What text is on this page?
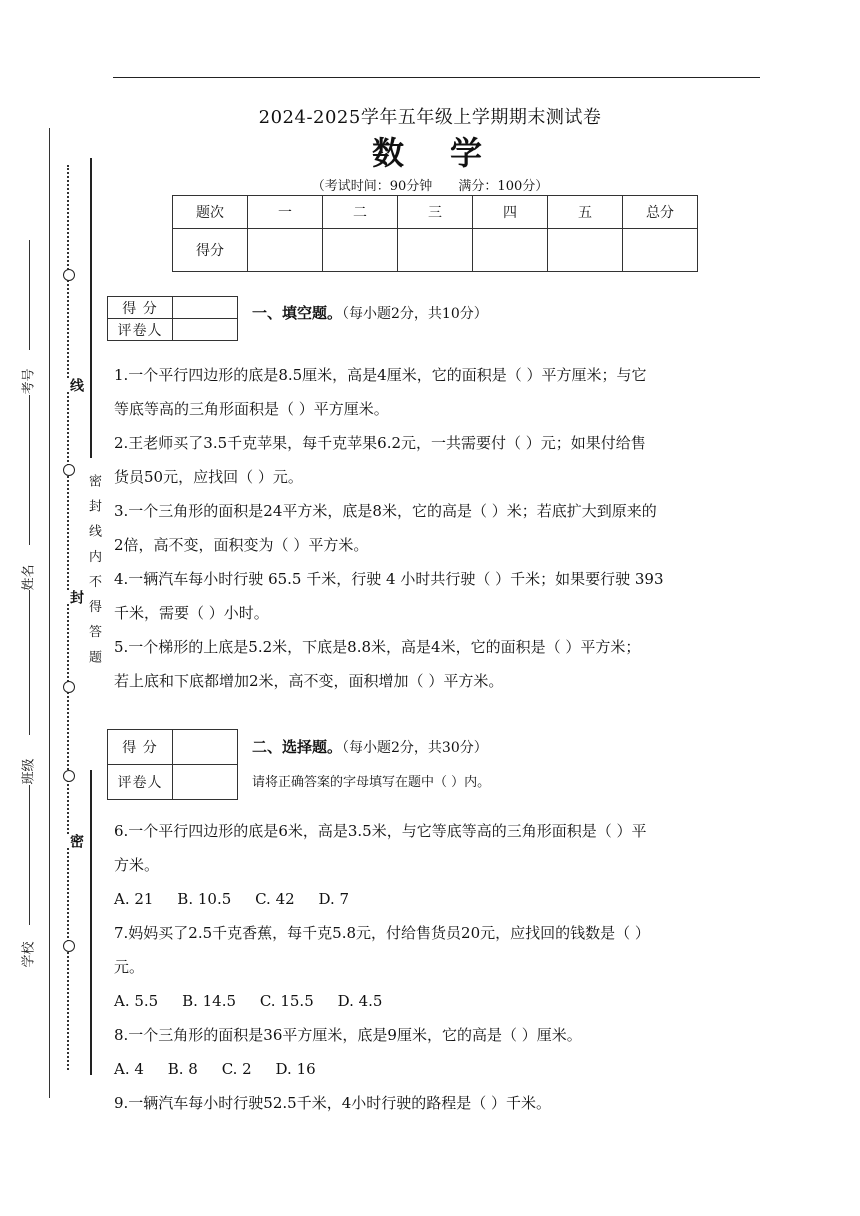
线
封
密
密 封 线 内 不 得 答 题
考号
姓名
班级
学校
2024-2025学年五年级上学期期末测试卷
数学
（考试时间：90分钟 满分：100分）
题次	一	二	三	四	五	总分
得分						
得 分	
评卷人	
一、填空题。（每小题2分，共10分）
1.一个平行四边形的底是8.5厘米，高是4厘米，它的面积是（ ）平方厘米；与它
等底等高的三角形面积是（ ）平方厘米。
2.王老师买了3.5千克苹果，每千克苹果6.2元，一共需要付（ ）元；如果付给售
货员50元，应找回（ ）元。
3.一个三角形的面积是24平方米，底是8米，它的高是（ ）米；若底扩大到原来的
2倍，高不变，面积变为（ ）平方米。
4.一辆汽车每小时行驶 65.5 千米，行驶 4 小时共行驶（ ）千米；如果要行驶 393
千米，需要（ ）小时。
5.一个梯形的上底是5.2米，下底是8.8米，高是4米，它的面积是（ ）平方米；
若上底和下底都增加2米，高不变，面积增加（ ）平方米。
得 分	
评卷人	
二、选择题。（每小题2分，共30分）
请将正确答案的字母填写在题中（ ）内。
6.一个平行四边形的底是6米，高是3.5米，与它等底等高的三角形面积是（ ）平
方米。
A. 21     B. 10.5     C. 42     D. 7
7.妈妈买了2.5千克香蕉，每千克5.8元，付给售货员20元，应找回的钱数是（ ）
元。
A. 5.5     B. 14.5     C. 15.5     D. 4.5
8.一个三角形的面积是36平方厘米，底是9厘米，它的高是（ ）厘米。
A. 4     B. 8     C. 2     D. 16
9.一辆汽车每小时行驶52.5千米，4小时行驶的路程是（ ）千米。
